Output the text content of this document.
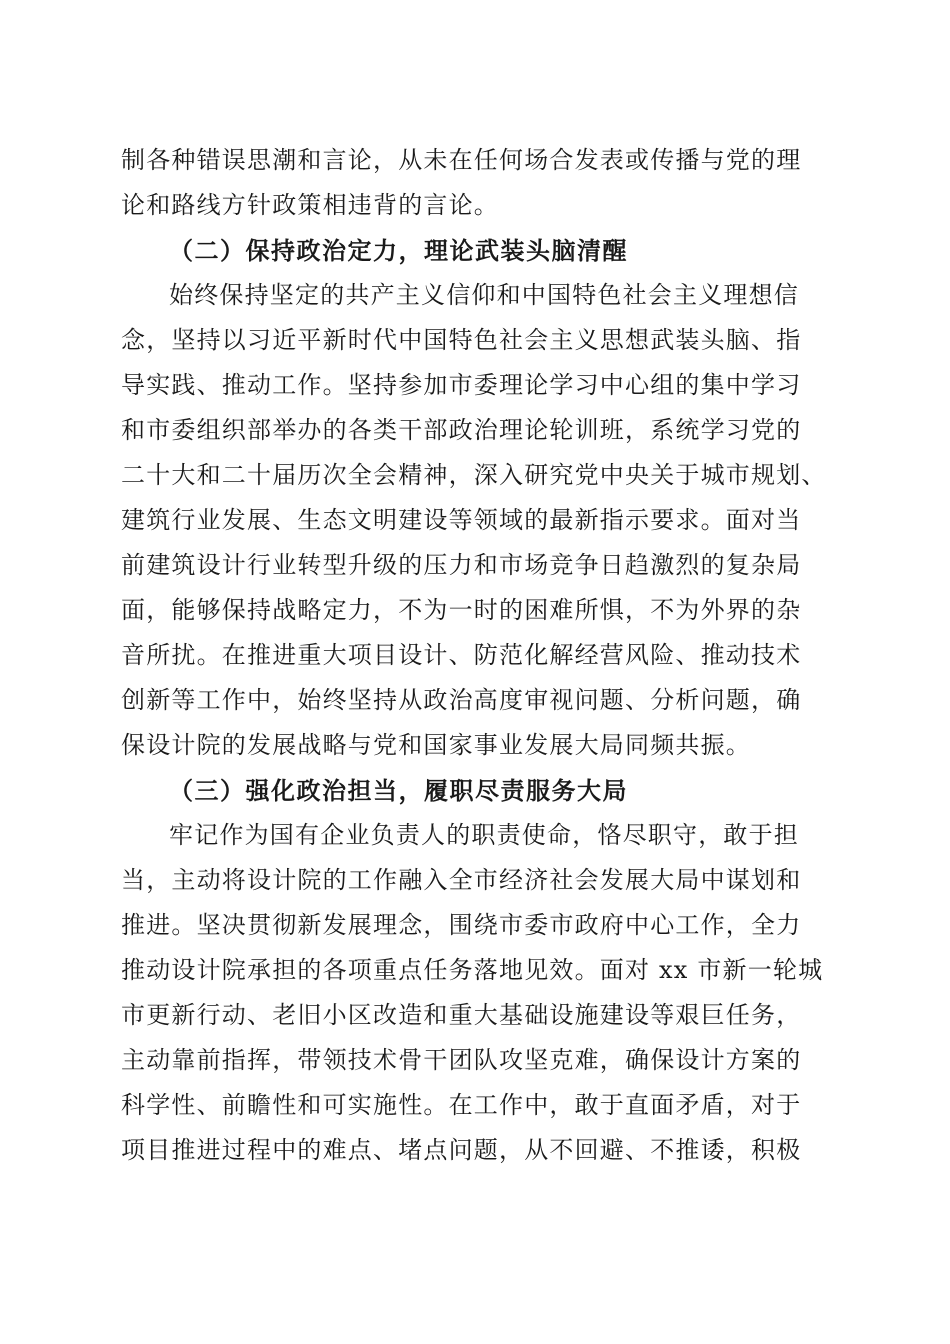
制各种错误思潮和言论，从未在任何场合发表或传播与党的理
论和路线方针政策相违背的言论。
（二）保持政治定力，理论武装头脑清醒
始终保持坚定的共产主义信仰和中国特色社会主义理想信
念，坚持以习近平新时代中国特色社会主义思想武装头脑、指
导实践、推动工作。坚持参加市委理论学习中心组的集中学习
和市委组织部举办的各类干部政治理论轮训班，系统学习党的
二十大和二十届历次全会精神，深入研究党中央关于城市规划、
建筑行业发展、生态文明建设等领域的最新指示要求。面对当
前建筑设计行业转型升级的压力和市场竞争日趋激烈的复杂局
面，能够保持战略定力，不为一时的困难所惧，不为外界的杂
音所扰。在推进重大项目设计、防范化解经营风险、推动技术
创新等工作中，始终坚持从政治高度审视问题、分析问题，确
保设计院的发展战略与党和国家事业发展大局同频共振。
（三）强化政治担当，履职尽责服务大局
牢记作为国有企业负责人的职责使命，恪尽职守，敢于担
当，主动将设计院的工作融入全市经济社会发展大局中谋划和
推进。坚决贯彻新发展理念，围绕市委市政府中心工作，全力
推动设计院承担的各项重点任务落地见效。面对 xx 市新一轮城
市更新行动、老旧小区改造和重大基础设施建设等艰巨任务，
主动靠前指挥，带领技术骨干团队攻坚克难，确保设计方案的
科学性、前瞻性和可实施性。在工作中，敢于直面矛盾，对于
项目推进过程中的难点、堵点问题，从不回避、不推诿，积极
